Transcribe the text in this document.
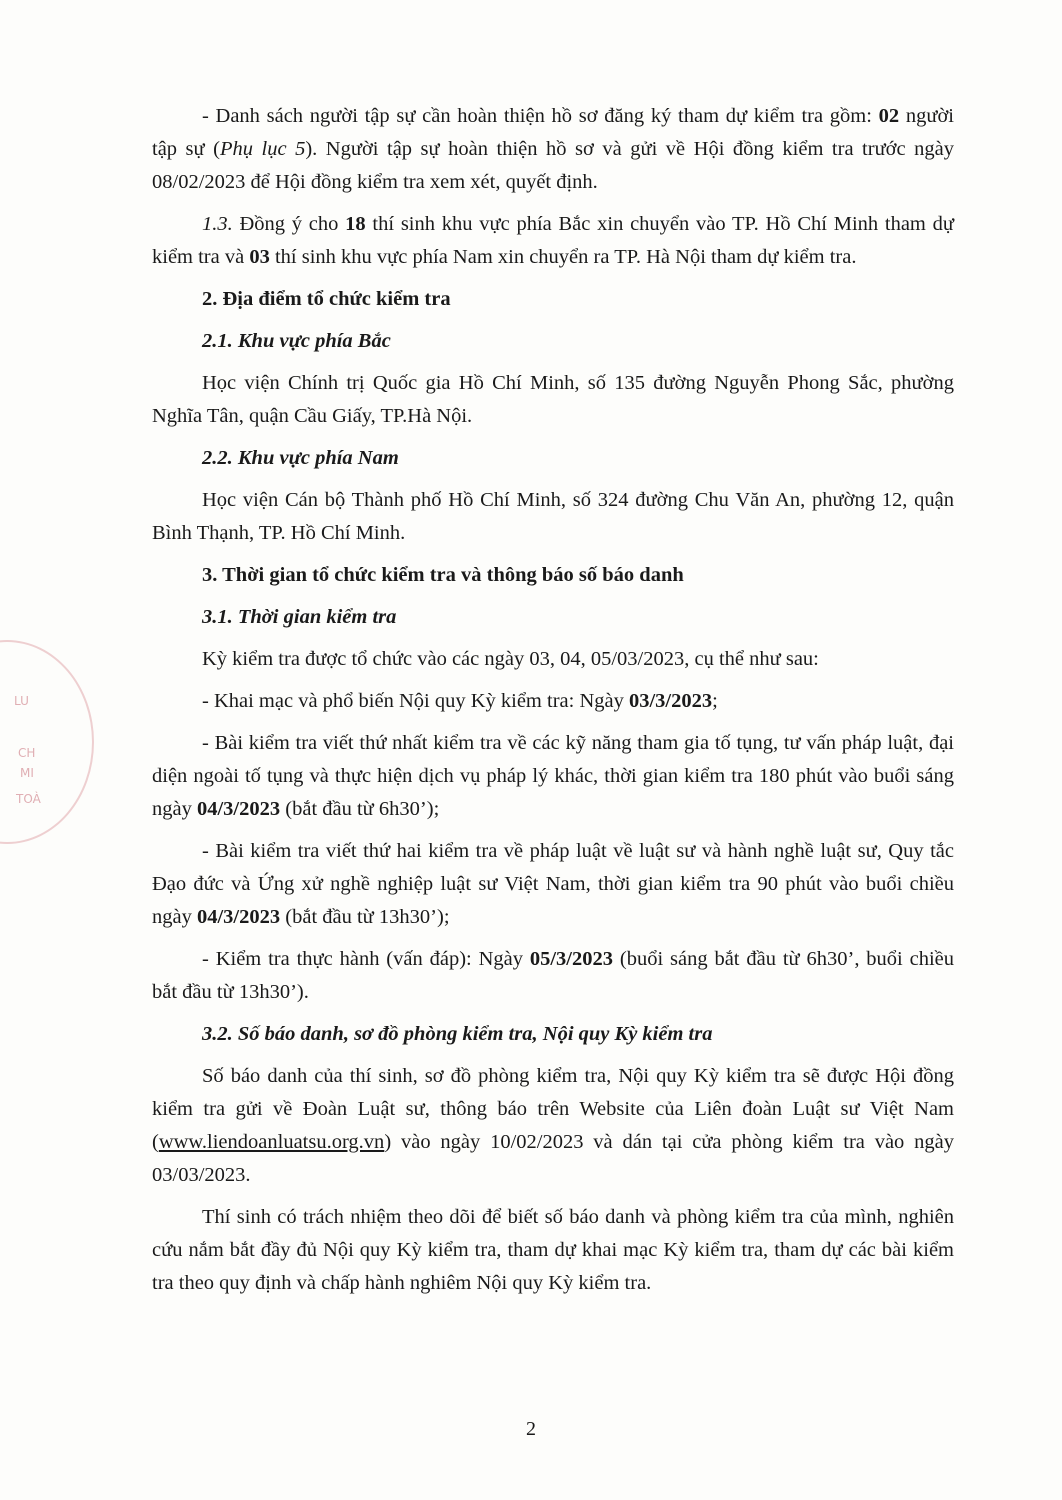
LU
CH
MI
TOÀ

- Danh sách người tập sự cần hoàn thiện hồ sơ đăng ký tham dự kiểm tra gồm: 02 người tập sự (Phụ lục 5). Người tập sự hoàn thiện hồ sơ và gửi về Hội đồng kiểm tra trước ngày 08/02/2023 để Hội đồng kiểm tra xem xét, quyết định.

1.3. Đồng ý cho 18 thí sinh khu vực phía Bắc xin chuyển vào TP. Hồ Chí Minh tham dự kiểm tra và 03 thí sinh khu vực phía Nam xin chuyển ra TP. Hà Nội tham dự kiểm tra.

2. Địa điểm tổ chức kiểm tra

2.1. Khu vực phía Bắc

Học viện Chính trị Quốc gia Hồ Chí Minh, số 135 đường Nguyễn Phong Sắc, phường Nghĩa Tân, quận Cầu Giấy, TP.Hà Nội.

2.2. Khu vực phía Nam

Học viện Cán bộ Thành phố Hồ Chí Minh, số 324 đường Chu Văn An, phường 12, quận Bình Thạnh, TP. Hồ Chí Minh.

3. Thời gian tổ chức kiểm tra và thông báo số báo danh

3.1. Thời gian kiểm tra

Kỳ kiểm tra được tổ chức vào các ngày 03, 04, 05/03/2023, cụ thể như sau:

- Khai mạc và phổ biến Nội quy Kỳ kiểm tra: Ngày 03/3/2023;

- Bài kiểm tra viết thứ nhất kiểm tra về các kỹ năng tham gia tố tụng, tư vấn pháp luật, đại diện ngoài tố tụng và thực hiện dịch vụ pháp lý khác, thời gian kiểm tra 180 phút vào buổi sáng ngày 04/3/2023 (bắt đầu từ 6h30’);

- Bài kiểm tra viết thứ hai kiểm tra về pháp luật về luật sư và hành nghề luật sư, Quy tắc Đạo đức và Ứng xử nghề nghiệp luật sư Việt Nam, thời gian kiểm tra 90 phút vào buổi chiều ngày 04/3/2023 (bắt đầu từ 13h30’);

- Kiểm tra thực hành (vấn đáp): Ngày 05/3/2023 (buổi sáng bắt đầu từ 6h30’, buổi chiều bắt đầu từ 13h30’).

3.2. Số báo danh, sơ đồ phòng kiểm tra, Nội quy Kỳ kiểm tra

Số báo danh của thí sinh, sơ đồ phòng kiểm tra, Nội quy Kỳ kiểm tra sẽ được Hội đồng kiểm tra gửi về Đoàn Luật sư, thông báo trên Website của Liên đoàn Luật sư Việt Nam (www.liendoanluatsu.org.vn) vào ngày 10/02/2023 và dán tại cửa phòng kiểm tra vào ngày 03/03/2023.

Thí sinh có trách nhiệm theo dõi để biết số báo danh và phòng kiểm tra của mình, nghiên cứu nắm bắt đầy đủ Nội quy Kỳ kiểm tra, tham dự khai mạc Kỳ kiểm tra, tham dự các bài kiểm tra theo quy định và chấp hành nghiêm Nội quy Kỳ kiểm tra.

2
